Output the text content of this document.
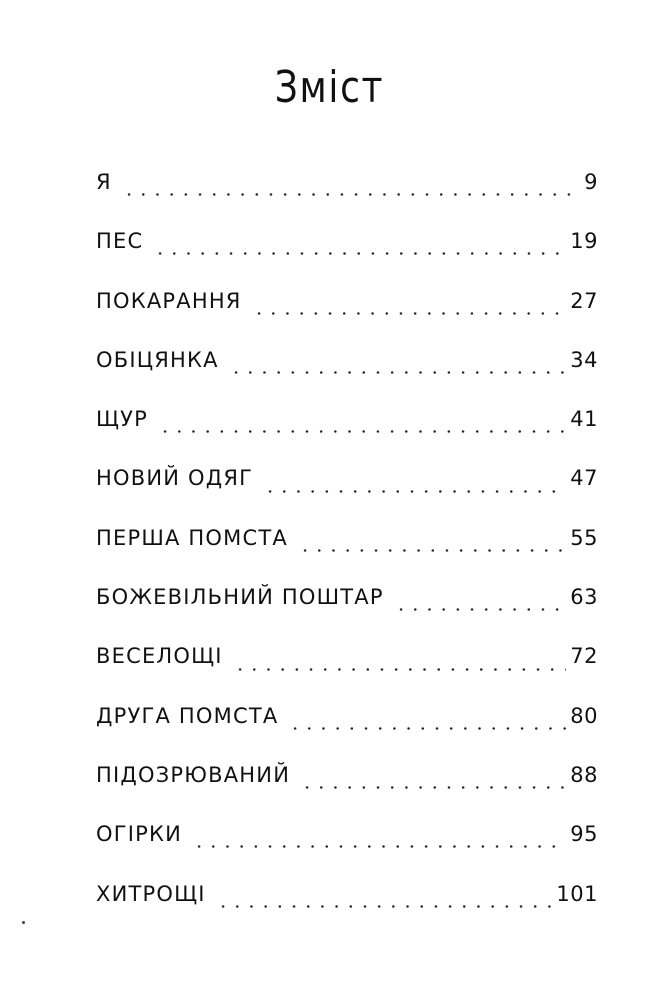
Зміст
Я	9
ПЕС	19
ПОКАРАННЯ	27
ОБІЦЯНКА	34
ЩУР	41
НОВИЙ ОДЯГ	47
ПЕРША ПОМСТА	55
БОЖЕВІЛЬНИЙ ПОШТАР	63
ВЕСЕЛОЩІ	72
ДРУГА ПОМСТА	80
ПІДОЗРЮВАНИЙ	88
ОГІРКИ	95
ХИТРОЩІ	101
